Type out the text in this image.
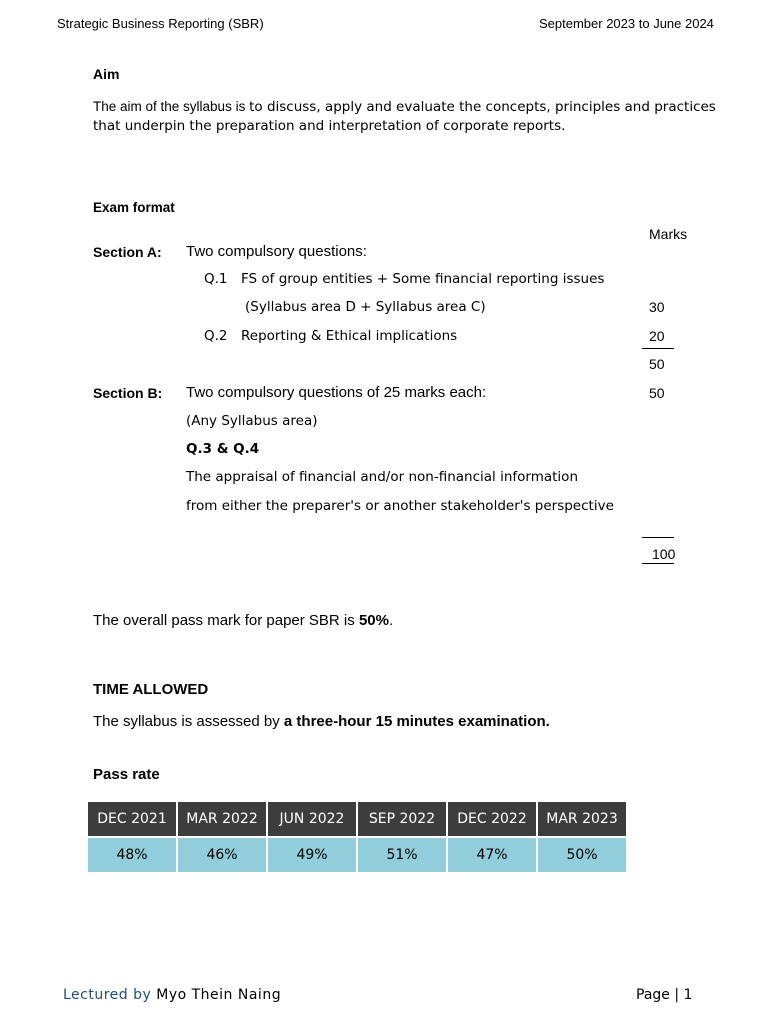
Strategic Business Reporting (SBR)	September 2023 to June 2024
Aim
The aim of the syllabus is to discuss, apply and evaluate the concepts, principles and practices
that underpin the preparation and interpretation of corporate reports.
Exam format
Marks
Section A: Two compulsory questions:
Q.1 FS of group entities + Some financial reporting issues
(Syllabus area D + Syllabus area C)	30
Q.2 Reporting & Ethical implications	20
50
Section B: Two compulsory questions of 25 marks each:	50
(Any Syllabus area)
Q.3 & Q.4
The appraisal of financial and/or non-financial information
from either the preparer's or another stakeholder's perspective
100
The overall pass mark for paper SBR is 50%.
TIME ALLOWED
The syllabus is assessed by a three-hour 15 minutes examination.
Pass rate
DEC 2021	MAR 2022	JUN 2022	SEP 2022	DEC 2022	MAR 2023
48%	46%	49%	51%	47%	50%
Lectured by Myo Thein Naing	Page | 1
